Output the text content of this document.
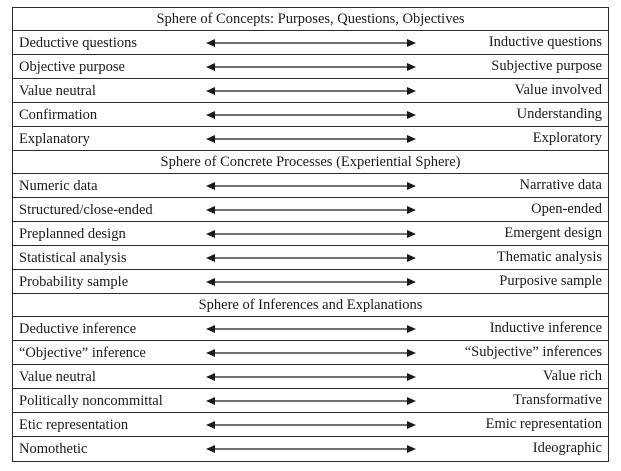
Sphere of Concepts: Purposes, Questions, Objectives
Deductive questions	Inductive questions
Objective purpose	Subjective purpose
Value neutral	Value involved
Confirmation	Understanding
Explanatory	Exploratory
Sphere of Concrete Processes (Experiential Sphere)
Numeric data	Narrative data
Structured/close-ended	Open-ended
Preplanned design	Emergent design
Statistical analysis	Thematic analysis
Probability sample	Purposive sample
Sphere of Inferences and Explanations
Deductive inference	Inductive inference
“Objective” inference	“Subjective” inferences
Value neutral	Value rich
Politically noncommittal	Transformative
Etic representation	Emic representation
Nomothetic	Ideographic
